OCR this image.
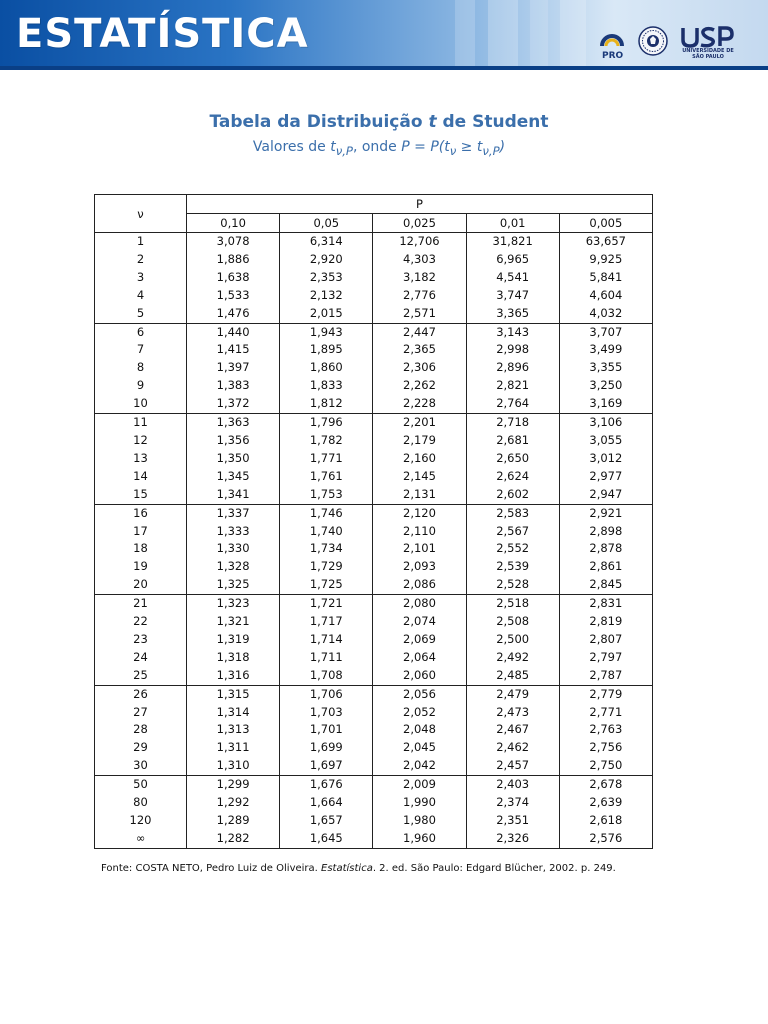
ESTATÍSTICA	PRO	UNIVERSIDADE DE SÃO PAULO
Tabela da Distribuição t de Student
Valores de $t_{\nu,P}$, onde $P = P(t_\nu \ge t_{\nu,P})$
ν	P				
	0,10	0,05	0,025	0,01	0,005
1	3,078	6,314	12,706	31,821	63,657
2	1,886	2,920	4,303	6,965	9,925
3	1,638	2,353	3,182	4,541	5,841
4	1,533	2,132	2,776	3,747	4,604
5	1,476	2,015	2,571	3,365	4,032
6	1,440	1,943	2,447	3,143	3,707
7	1,415	1,895	2,365	2,998	3,499
8	1,397	1,860	2,306	2,896	3,355
9	1,383	1,833	2,262	2,821	3,250
10	1,372	1,812	2,228	2,764	3,169
11	1,363	1,796	2,201	2,718	3,106
12	1,356	1,782	2,179	2,681	3,055
13	1,350	1,771	2,160	2,650	3,012
14	1,345	1,761	2,145	2,624	2,977
15	1,341	1,753	2,131	2,602	2,947
16	1,337	1,746	2,120	2,583	2,921
17	1,333	1,740	2,110	2,567	2,898
18	1,330	1,734	2,101	2,552	2,878
19	1,328	1,729	2,093	2,539	2,861
20	1,325	1,725	2,086	2,528	2,845
21	1,323	1,721	2,080	2,518	2,831
22	1,321	1,717	2,074	2,508	2,819
23	1,319	1,714	2,069	2,500	2,807
24	1,318	1,711	2,064	2,492	2,797
25	1,316	1,708	2,060	2,485	2,787
26	1,315	1,706	2,056	2,479	2,779
27	1,314	1,703	2,052	2,473	2,771
28	1,313	1,701	2,048	2,467	2,763
29	1,311	1,699	2,045	2,462	2,756
30	1,310	1,697	2,042	2,457	2,750
50	1,299	1,676	2,009	2,403	2,678
80	1,292	1,664	1,990	2,374	2,639
120	1,289	1,657	1,980	2,351	2,618
∞	1,282	1,645	1,960	2,326	2,576
Fonte: COSTA NETO, Pedro Luiz de Oliveira. Estatística. 2. ed. São Paulo: Edgard Blücher, 2002. p. 249.
